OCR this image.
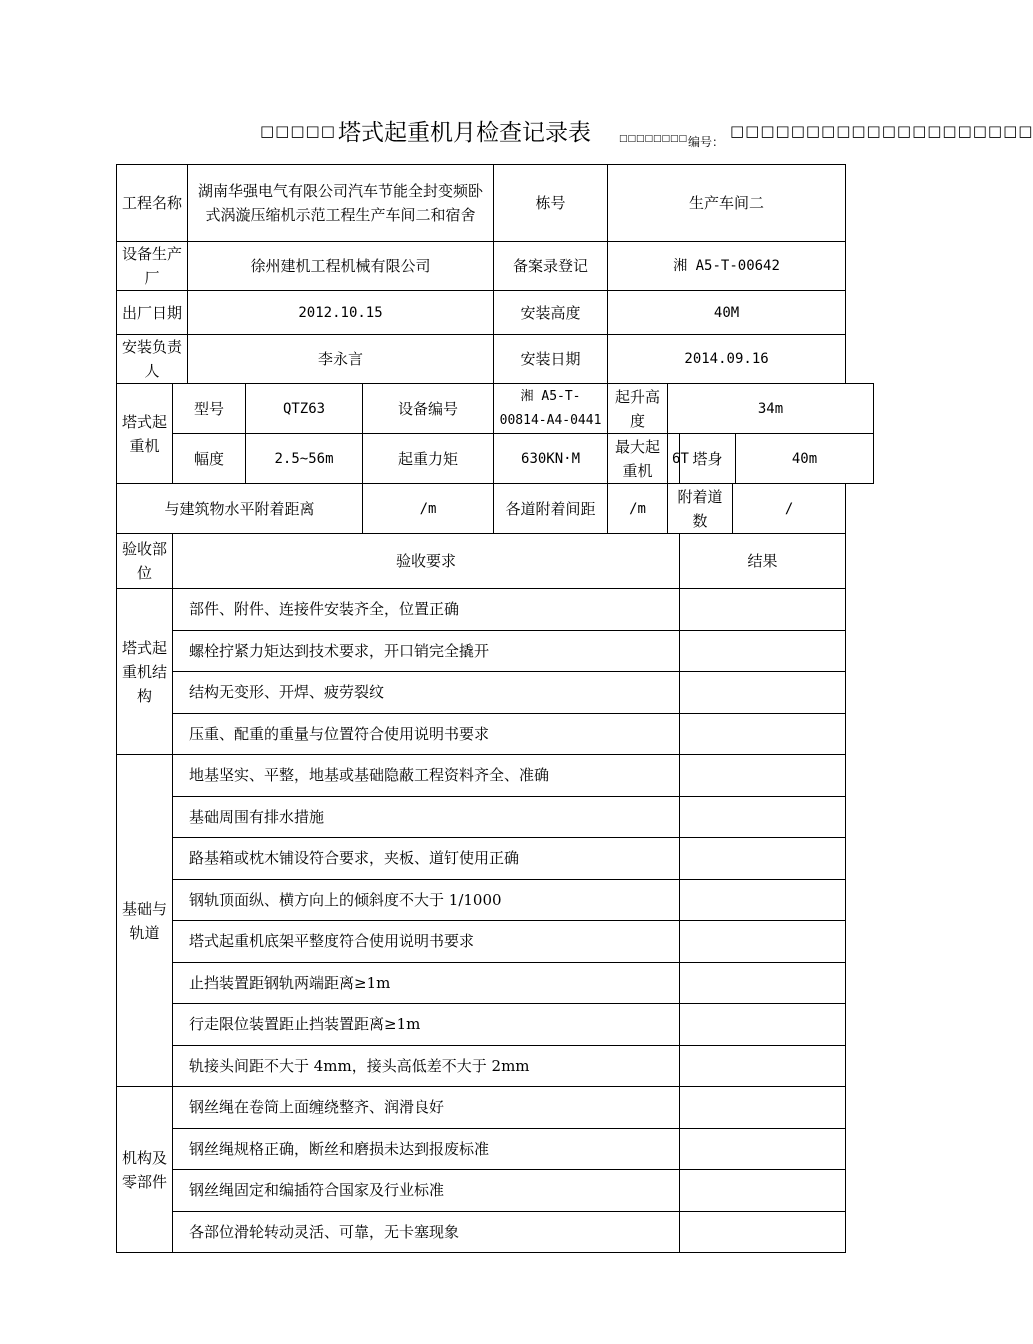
□□□□□ 塔式起重机月检查记录表	□□□□□□□□ 编号：
□□□□□□□□□□□□□□□□□□□□
工程名称		湖南华强电气有限公司汽车节能全封变频卧式涡漩压缩机示范工程生产车间二和宿舍			栋号	生产车间二				
设备生产厂		徐州建机工程机械有限公司			备案录登记	湘 A5-T-00642				
出厂日期		2012.10.15			安装高度	40M				
安装负责人		李永言			安装日期	2014.09.16				
塔式起重机	型号		QTZ63	设备编号	湘 A5-T-00814-A4-0441	起升高度	34m			
	幅度		2.5~56m	起重力矩	630KN·M	最大起重机	6T	塔身		40m
与建筑物水平附着距离				/m	各道附着间距	/m	附着道数		/	
验收部位	验收要求							结果		
塔式起重机结构	部件、附件、连接件安装齐全，位置正确									
	螺栓拧紧力矩达到技术要求，开口销完全撬开									
	结构无变形、开焊、疲劳裂纹									
	压重、配重的重量与位置符合使用说明书要求									
基础与轨道	地基坚实、平整，地基或基础隐蔽工程资料齐全、准确									
	基础周围有排水措施									
	路基箱或枕木铺设符合要求，夹板、道钉使用正确									
	钢轨顶面纵、横方向上的倾斜度不大于 1/1000									
	塔式起重机底架平整度符合使用说明书要求									
	止挡装置距钢轨两端距离≥1m									
	行走限位装置距止挡装置距离≥1m									
	轨接头间距不大于 4mm，接头高低差不大于 2mm									
机构及零部件	钢丝绳在卷筒上面缠绕整齐、润滑良好									
	钢丝绳规格正确，断丝和磨损未达到报废标准									
	钢丝绳固定和编插符合国家及行业标准									
	各部位滑轮转动灵活、可靠，无卡塞现象									
